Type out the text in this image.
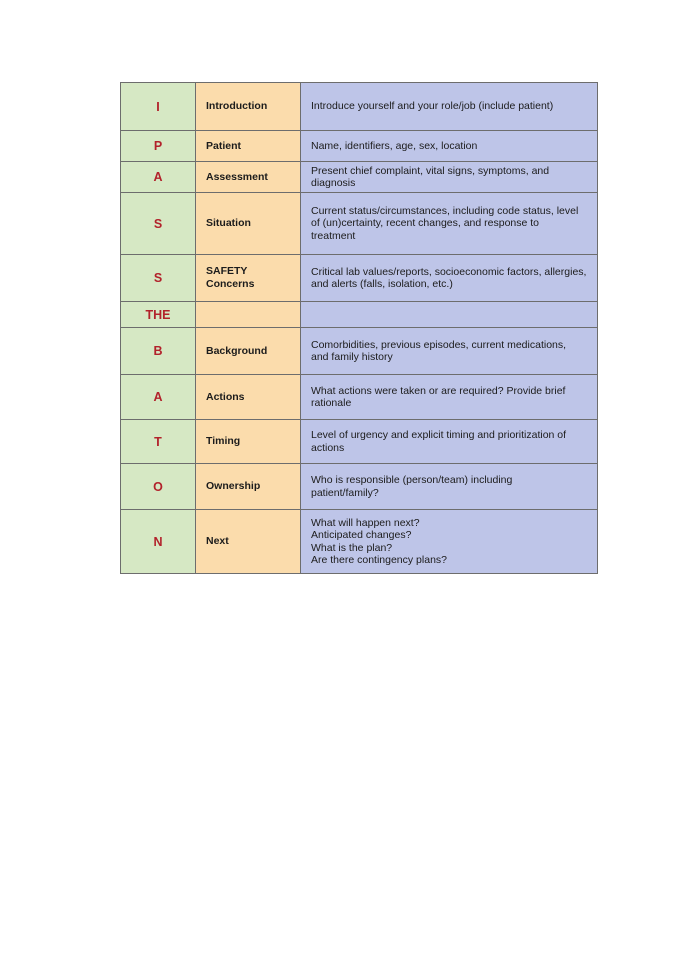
I	Introduction	Introduce yourself and your role/job (include patient)

P	Patient	Name, identifiers, age, sex, location

A	Assessment	Present chief complaint, vital signs, symptoms, and
diagnosis

S	Situation	Current status/circumstances, including code status, level
of (un)certainty, recent changes, and response to
treatment

S	SAFETY
Concerns	Critical lab values/reports, socioeconomic factors, allergies,
and alerts (falls, isolation, etc.)

THE	

B	Background	Comorbidities, previous episodes, current medications,
and family history

A	Actions	What actions were taken or are required? Provide brief
rationale

T	Timing	Level of urgency and explicit timing and prioritization of
actions

O	Ownership	Who is responsible (person/team) including
patient/family?

N	Next	What will happen next?
Anticipated changes?
What is the plan?
Are there contingency plans?
